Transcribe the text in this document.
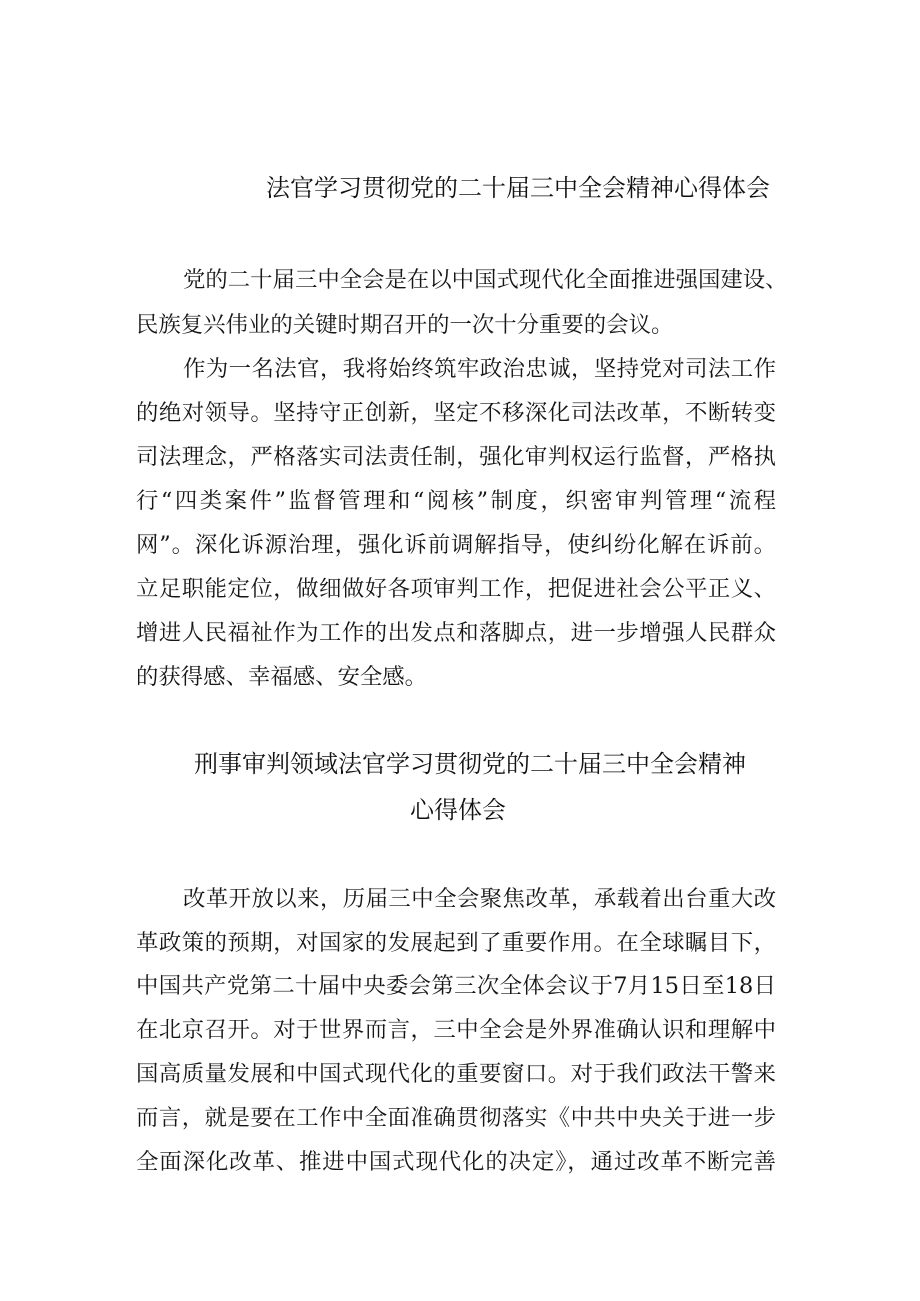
法官学习贯彻党的二十届三中全会精神心得体会
党的二十届三中全会是在以中国式现代化全面推进强国建设、
民族复兴伟业的关键时期召开的一次十分重要的会议。
作为一名法官，我将始终筑牢政治忠诚，坚持党对司法工作
的绝对领导。坚持守正创新，坚定不移深化司法改革，不断转变
司法理念，严格落实司法责任制，强化审判权运行监督，严格执
行“四类案件”监督管理和“阅核”制度，织密审判管理“流程
网”。深化诉源治理，强化诉前调解指导，使纠纷化解在诉前。
立足职能定位，做细做好各项审判工作，把促进社会公平正义、
增进人民福祉作为工作的出发点和落脚点，进一步增强人民群众
的获得感、幸福感、安全感。
刑事审判领域法官学习贯彻党的二十届三中全会精神
心得体会
改革开放以来，历届三中全会聚焦改革，承载着出台重大改
革政策的预期，对国家的发展起到了重要作用。在全球瞩目下，
中国共产党第二十届中央委会第三次全体会议于7月15日至18日
在北京召开。对于世界而言，三中全会是外界准确认识和理解中
国高质量发展和中国式现代化的重要窗口。对于我们政法干警来
而言，就是要在工作中全面准确贯彻落实《中共中央关于进一步
全面深化改革、推进中国式现代化的决定》，通过改革不断完善
